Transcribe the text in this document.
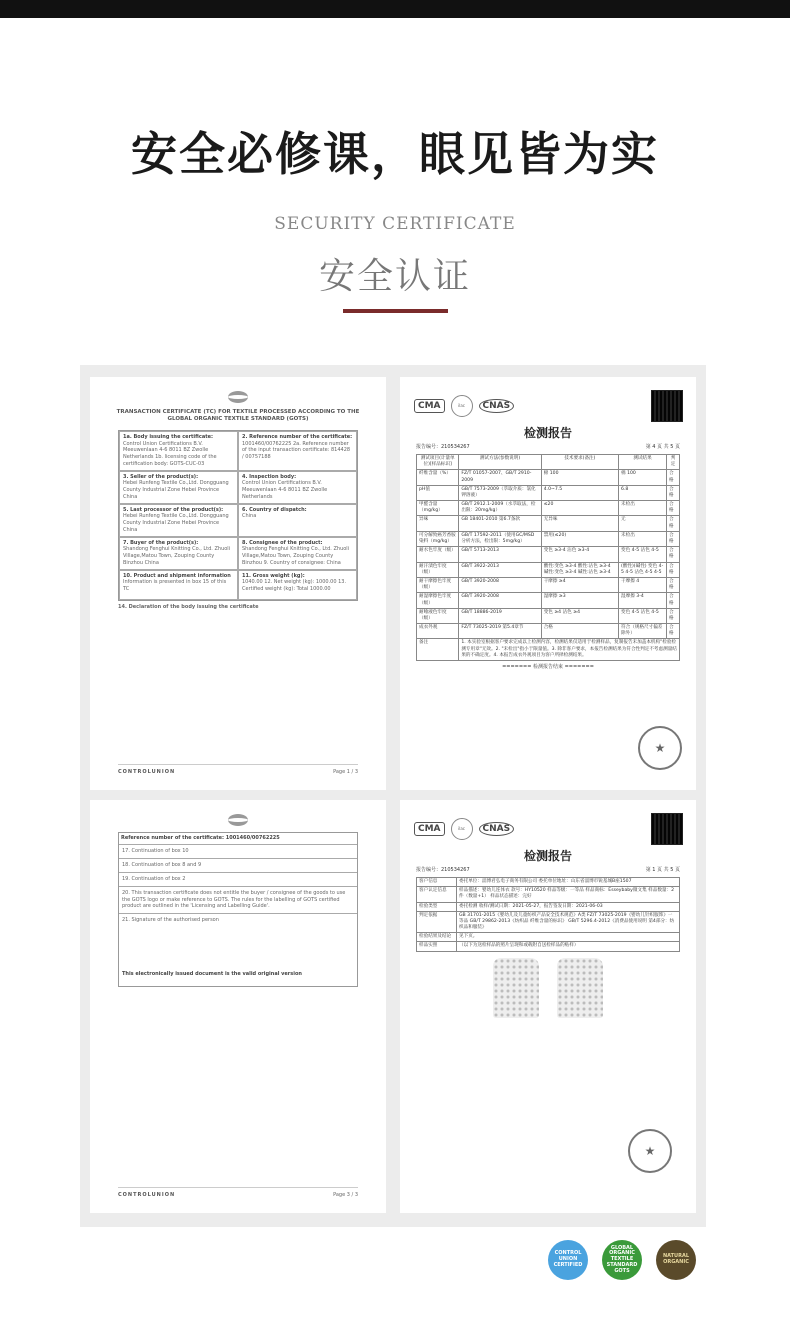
安全必修课，眼见皆为实
SECURITY CERTIFICATE
安全认证
TRANSACTION CERTIFICATE (TC) FOR TEXTILE PROCESSED ACCORDING TO THE GLOBAL ORGANIC TEXTILE STANDARD (GOTS)
1a. Body issuing the certificate:
Control Union Certifications B.V. Meeuwenlaan 4-6 8011 BZ Zwolle Netherlands 1b. licensing code of the certification body: GOTS-CUC-03
2. Reference number of the certificate:
1001460/00762225 2a. Reference number of the input transaction certificate: 814428 / 00757188
3. Seller of the product(s):
Hebei Runfeng Textile Co.,Ltd. Dongguang County Industrial Zone Hebei Province China
4. Inspection body:
Control Union Certifications B.V. Meeuwenlaan 4-6 8011 BZ Zwolle Netherlands
5. Last processor of the product(s):
Hebei Runfeng Textile Co.,Ltd. Dongguang County Industrial Zone Hebei Province China
6. Country of dispatch:
China
7. Buyer of the product(s):
Shandong Fenghui Knitting Co., Ltd. Zhuoli Village,Matou Town, Zouping County Binzhou China
8. Consignee of the product:
Shandong Fenghui Knitting Co., Ltd. Zhuoli Village,Matou Town, Zouping County Binzhou 9. Country of consignee: China
10. Product and shipment information
Information is presented in box 15 of this TC
11. Gross weight (kg):
1040.00 12. Net weight (kg): 1000.00 13. Certified weight (kg): Total 1000.00
14. Declaration of the body issuing the certificate
CONTROLUNION	Page 1 / 3
CMA	ilac	CNAS
检测报告
报告编号：210534267	第 4 页 共 5 页
测试项目(计量单位)[样品标识]	测试方法(参数说明)	技术要求(备注)	测试结果	判定
纤维含量（%）	FZ/T 01057-2007、GB/T 2910-2009	棉 100	棉 100	合格
pH值	GB/T 7573-2009（萃取介质：氯化钾溶液）	4.0~7.5	6.8	合格
甲醛含量（mg/kg）	GB/T 2912.1-2009（水萃取法，检出限：20mg/kg）	≤20	未检出	合格
异味	GB 18401-2010 第6.7条款	无异味	无	合格
可分解致癌芳香胺染料（mg/kg）	GB/T 17592-2011（使用GC/MSD分析方法，检出限：5mg/kg）	禁用(≤20)	未检出	合格
耐水色牢度（级）	GB/T 5713-2013	变色 ≥3-4 沾色 ≥3-4	变色 4-5 沾色 4-5	合格
耐汗渍色牢度（级）	GB/T 3922-2013	酸性:变色 ≥3-4 酸性:沾色 ≥3-4 碱性:变色 ≥3-4 碱性:沾色 ≥3-4	(酸性)(碱性) 变色 4-5 4-5 沾色 4-5 4-5	合格
耐干摩擦色牢度（级）	GB/T 3920-2008	干摩擦 ≥4	干摩擦 4	合格
耐湿摩擦色牢度（级）	GB/T 3920-2008	湿摩擦 ≥3	湿摩擦 3-4	合格
耐唾液色牢度（级）	GB/T 18886-2019	变色 ≥4 沾色 ≥4	变色 4-5 沾色 4-5	合格
成衣外观	FZ/T 73025-2019 第5.4章节	合格	符合（规格尺寸偏差除外）	合格
备注	1. 本实验室根据客户要求完成以上检测内容，检测结果仅适用于检测样品，复制报告未加盖本机构"检验检测专用章"无效。2. "未检出"指小于限量值。3. 除非客户要求，本报告检测结果为符合性判定不考虑测量结果的不确定度。4. 本报告成衣外观项目为客户所择检测结果。			
======= 检测报告结束 =======
★
Reference number of the certificate: 1001460/00762225
17. Continuation of box 10
18. Continuation of box 8 and 9
19. Continuation of box 2
20. This transaction certificate does not entitle the buyer / consignee of the goods to use the GOTS logo or make reference to GOTS. The rules for the labelling of GOTS certified product are outlined in the 'Licensing and Labelling Guide'.
21. Signature of the authorised person
This electronically issued document is the valid original version
CONTROLUNION	Page 3 / 3
CMA	ilac	CNAS
检测报告
报告编号：210534267	第 1 页 共 5 页
客户信息	委托单位：淄博君弘电子商务有限公司 委托单位地址：山东省淄博市锐基城B座1507
客户认定信息	样品描述：婴幼儿连体衣 款号：HY10520 样品等级：一等品 样品商标：Esseybaby微文集 样品数量：2件（数量+1） 样品状态描述：完好
检验类型	委托检测 收样/测试日期：2021-05-27，报告签发日期：2021-06-03
判定依据	GB 31701-2015《婴幼儿及儿童纺织产品安全技术规范》A类 FZ/T 73025-2019《婴幼儿针织服饰》一等品 GB/T 29862-2013《纺织品 纤维含量的标识》 GB/T 5296.4-2012《消费品使用说明 第4部分：纺织品和服装》
检验结果及结论	见下页。
样品实照	（以下为送检样品的照片呈现和或载附自送检样品的贴样）
★
CONTROL UNION CERTIFIED
GLOBAL ORGANIC TEXTILE STANDARD GOTS
NATURAL ORGANIC
